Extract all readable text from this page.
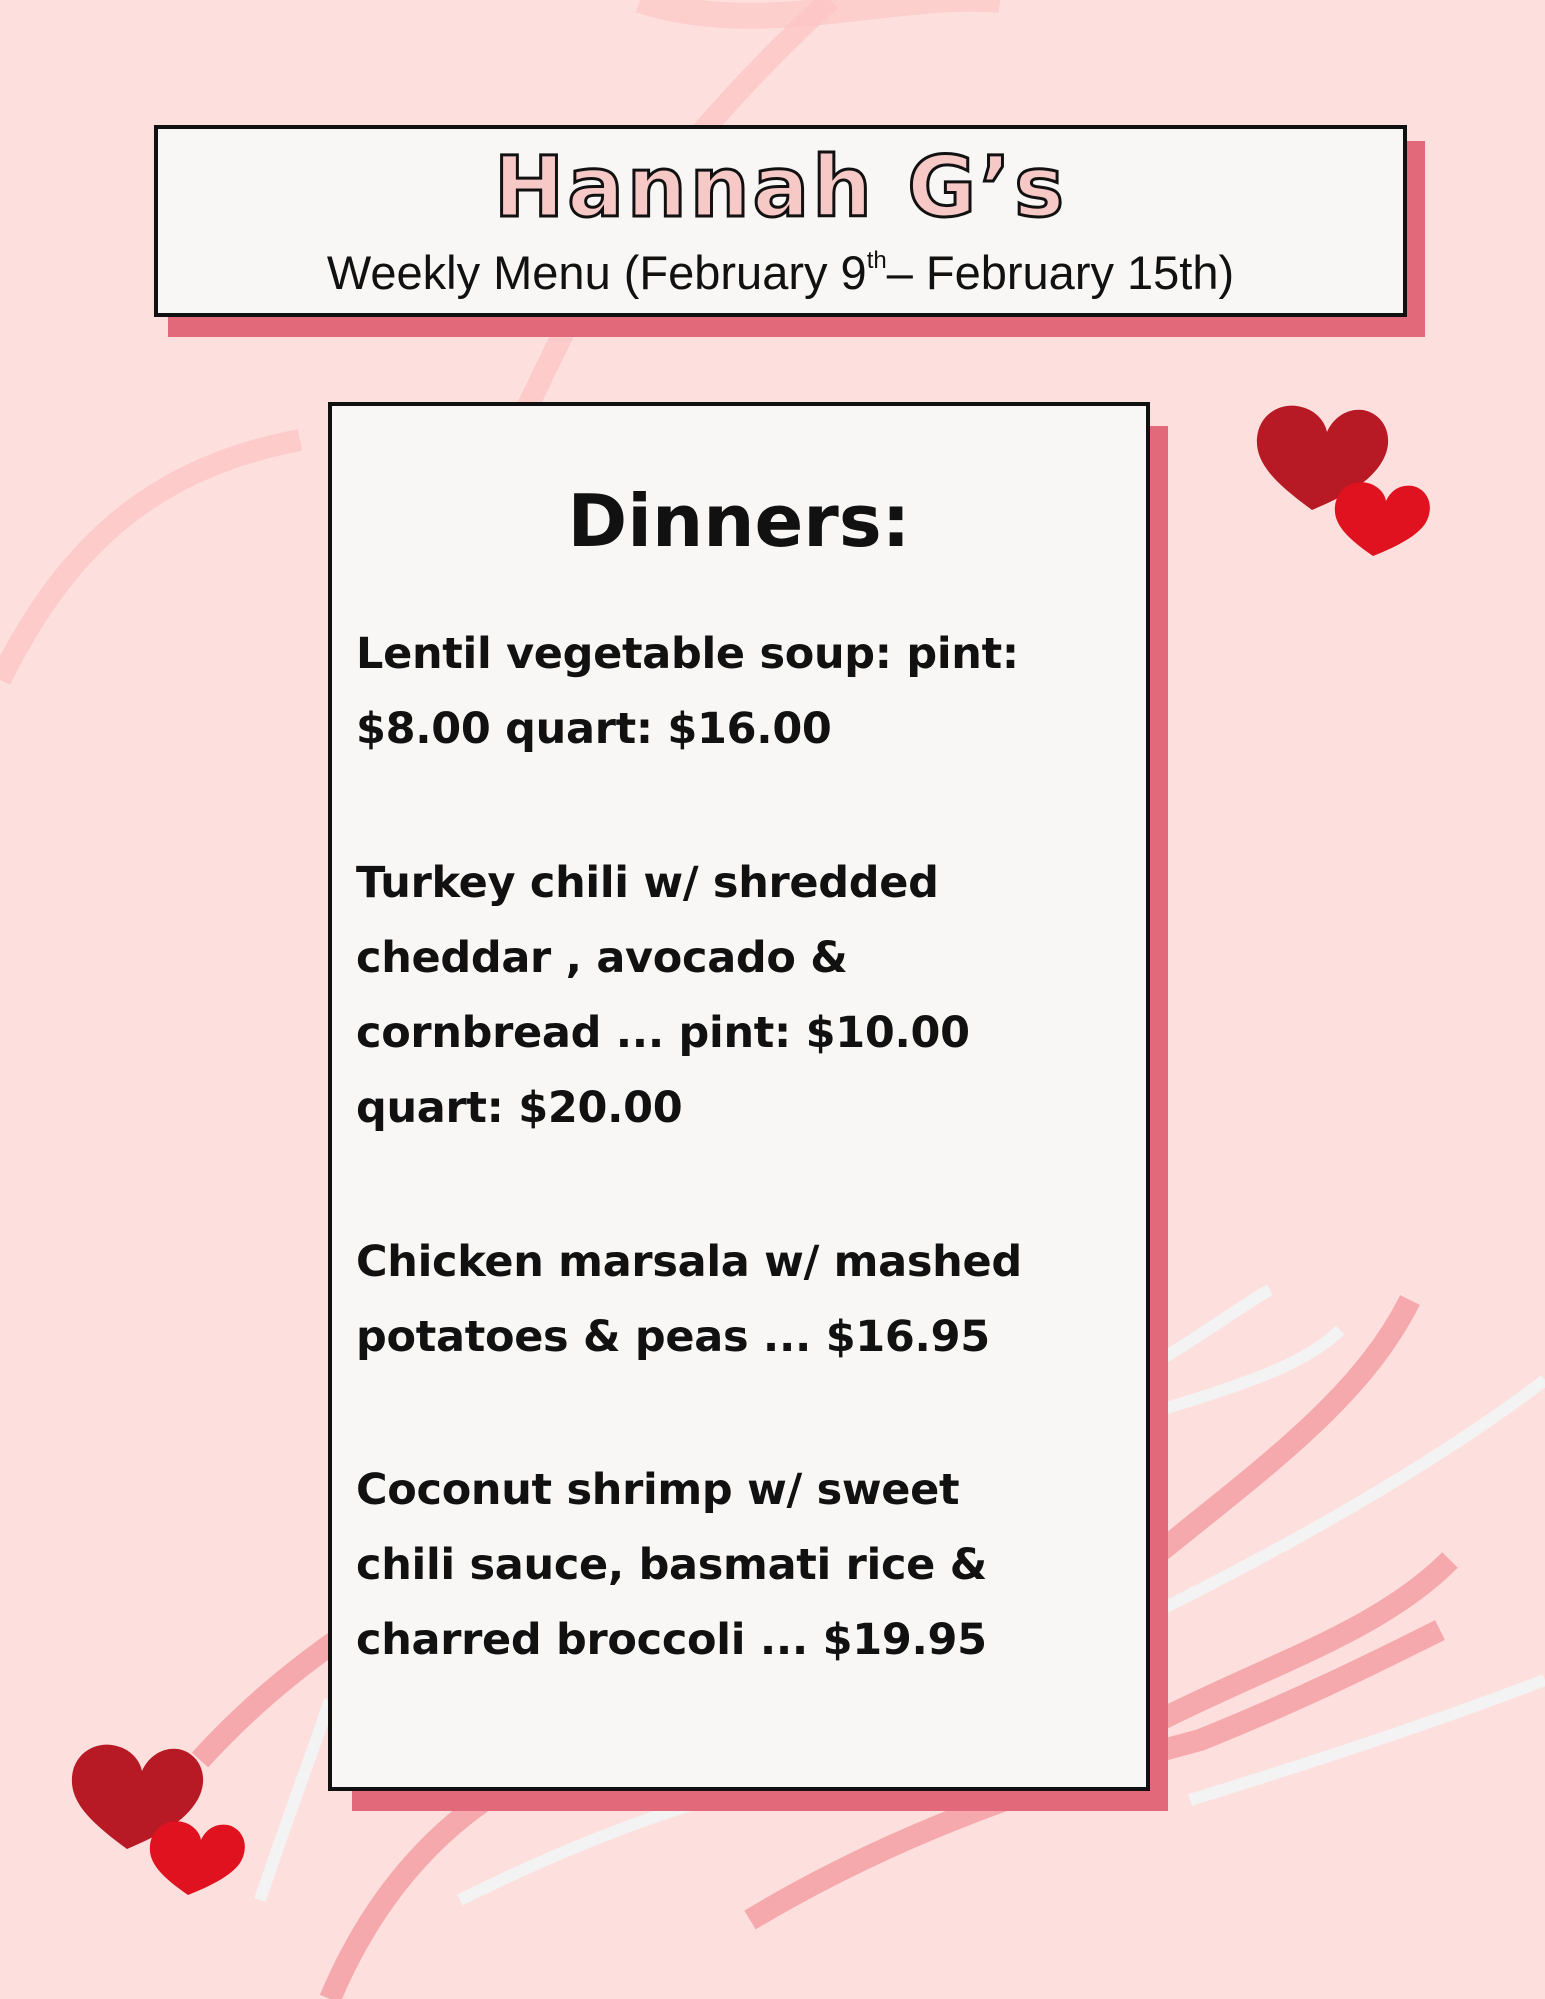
Hannah G’s
Weekly Menu (February 9th– February 15th)
Dinners:
Lentil vegetable soup: pint:
$8.00 quart: $16.00
Turkey chili w/ shredded
cheddar , avocado &
cornbread ... pint: $10.00
quart: $20.00
Chicken marsala w/ mashed
potatoes & peas ... $16.95
Coconut shrimp w/ sweet
chili sauce, basmati rice &
charred broccoli ... $19.95
